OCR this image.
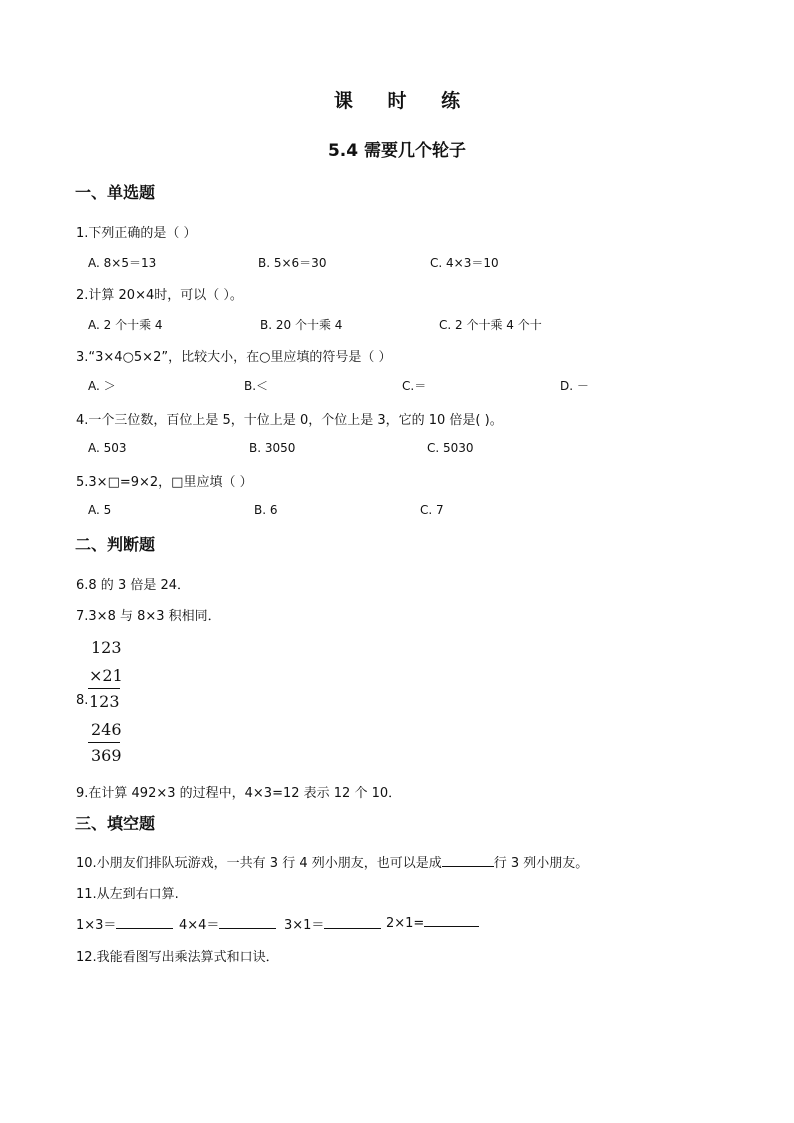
课 时 练
5.4 需要几个轮子
一、单选题
1.下列正确的是（ ）
A. 8×5＝13	B. 5×6＝30	C. 4×3＝10
2.计算 20×4时，可以（ ）。
A. 2 个十乘 4	B. 20 个十乘 4	C. 2 个十乘 4 个十
3.“3×4○5×2”，比较大小，在○里应填的符号是（ ）
A. ＞	B.＜	C.＝	D. －
4.一个三位数，百位上是 5，十位上是 0，个位上是 3，它的 10 倍是( )。
A. 503	B. 3050	C. 5030
5.3×□=9×2，□里应填（ ）
A. 5	B. 6	C. 7
二、判断题
6.8 的 3 倍是 24．
7.3×8 与 8×3 积相同．
8.
123
×21
123
246
369
9.在计算 492×3 的过程中，4×3=12 表示 12 个 10．
三、填空题
10.小朋友们排队玩游戏，一共有 3 行 4 列小朋友，也可以是成	行 3 列小朋友。
11.从左到右口算.
1×3＝	4×4＝	3×1＝	2×1=
12.我能看图写出乘法算式和口诀．
